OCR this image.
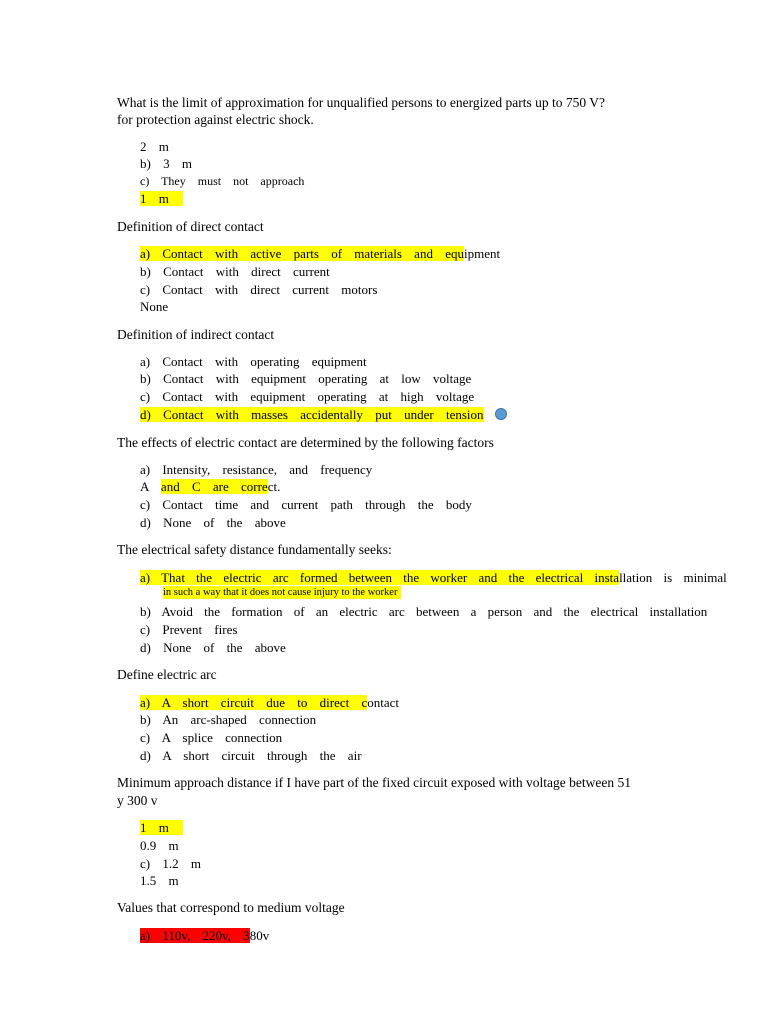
What is the limit of approximation for unqualified persons to energized parts up to 750 V?
for protection against electric shock.
2 m
b) 3 m
c) They must not approach
1 m
Definition of direct contact
a) Contact with active parts of materials and equipment
b) Contact with direct current
c) Contact with direct current motors
None
Definition of indirect contact
a) Contact with operating equipment
b) Contact with equipment operating at low voltage
c) Contact with equipment operating at high voltage
d) Contact with masses accidentally put under tension
The effects of electric contact are determined by the following factors
a) Intensity, resistance, and frequency
A and C are correct.
c) Contact time and current path through the body
d) None of the above
The electrical safety distance fundamentally seeks:
a) That the electric arc formed between the worker and the electrical installation is minimal
in such a way that it does not cause injury to the worker
b) Avoid the formation of an electric arc between a person and the electrical installation
c) Prevent fires
d) None of the above
Define electric arc
a) A short circuit due to direct contact
b) An arc-shaped connection
c) A splice connection
d) A short circuit through the air
Minimum approach distance if I have part of the fixed circuit exposed with voltage between 51
y 300 v
1 m
0.9 m
c) 1.2 m
1.5 m
Values that correspond to medium voltage
a) 110v, 220v, 380v
